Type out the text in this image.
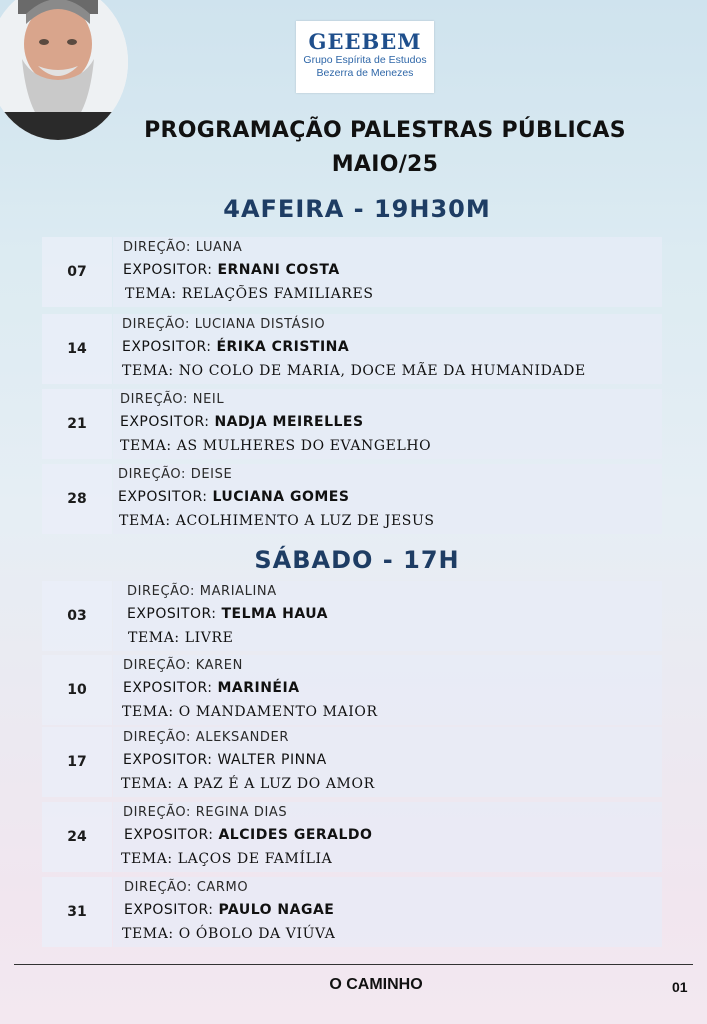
GEEBEM
Grupo Espírita de Estudos
Bezerra de Menezes
PROGRAMAÇÃO PALESTRAS PÚBLICAS
MAIO/25
4AFEIRA - 19H30M
07
DIREÇÃO: LUANA
EXPOSITOR: ERNANI COSTA
TEMA: RELAÇÕES FAMILIARES
14
DIREÇÃO: LUCIANA DISTÁSIO
EXPOSITOR: ÉRIKA CRISTINA
TEMA: NO COLO DE MARIA, DOCE MÃE DA HUMANIDADE
21
DIREÇÃO: NEIL
EXPOSITOR: NADJA MEIRELLES
TEMA: AS MULHERES DO EVANGELHO
28
DIREÇÃO: DEISE
EXPOSITOR: LUCIANA GOMES
TEMA: ACOLHIMENTO A LUZ DE JESUS
SÁBADO - 17H
03
DIREÇÃO: MARIALINA
EXPOSITOR: TELMA HAUA
TEMA: LIVRE
10
DIREÇÃO: KAREN
EXPOSITOR: MARINÉIA
TEMA: O MANDAMENTO MAIOR
17
DIREÇÃO: ALEKSANDER
EXPOSITOR: WALTER PINNA
TEMA: A PAZ É A LUZ DO AMOR
24
DIREÇÃO: REGINA DIAS
EXPOSITOR: ALCIDES GERALDO
TEMA: LAÇOS DE FAMÍLIA
31
DIREÇÃO: CARMO
EXPOSITOR: PAULO NAGAE
TEMA: O ÓBOLO DA VIÚVA
O CAMINHO	01
